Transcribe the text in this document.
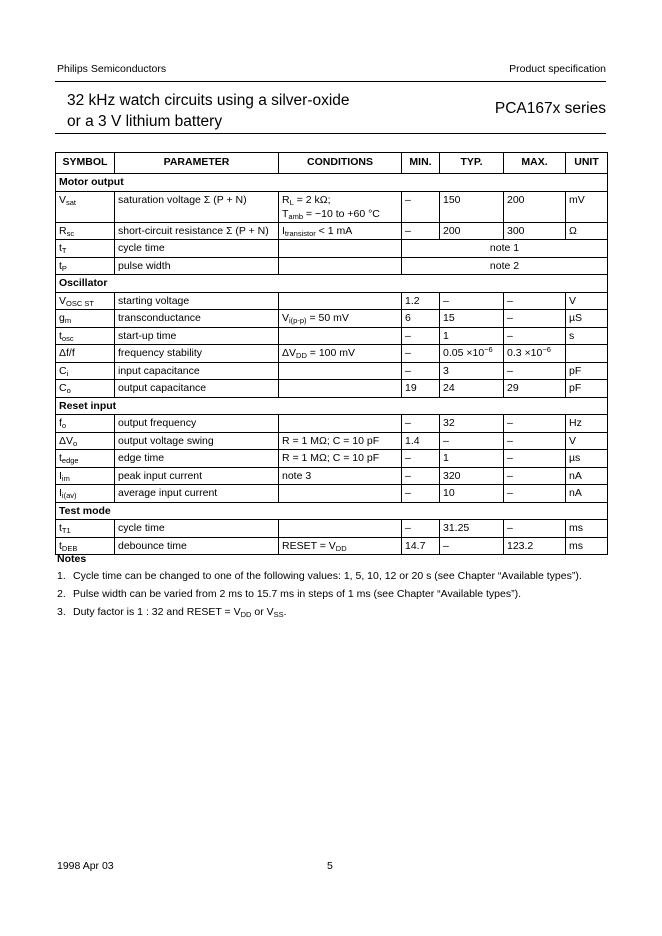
Philips Semiconductors	Product specification
32 kHz watch circuits using a silver-oxide
or a 3 V lithium battery
PCA167x series
SYMBOL	PARAMETER	CONDITIONS	MIN.	TYP.	MAX.	UNIT
Motor output						
$V_{sat}$	saturation voltage Σ (P + N)	$R_L = 2$ kΩ;
$T_{amb} = -10$ to +60 °C	–	150	200	mV
$R_{sc}$	short-circuit resistance Σ (P + N)	$I_{transistor} < 1$ mA	–	200	300	Ω
$t_T$	cycle time		note 1			
$t_P$	pulse width		note 2			
Oscillator						
$V_{OSC ST}$	starting voltage		1.2	–	–	V
$g_m$	transconductance	$V_{i(p-p)} = 50$ mV	6	15	–	µS
$t_{osc}$	start-up time		–	1	–	s
Δf/f	frequency stability	$\Delta V_{DD} = 100$ mV	–	$0.05 \times 10^{-6}$	$0.3 \times 10^{-6}$	
$C_i$	input capacitance		–	3	–	pF
$C_o$	output capacitance		19	24	29	pF
Reset input						
$f_o$	output frequency		–	32	–	Hz
$\Delta V_o$	output voltage swing	R = 1 MΩ; C = 10 pF	1.4	–	–	V
$t_{edge}$	edge time	R = 1 MΩ; C = 10 pF	–	1	–	µs
$I_{im}$	peak input current	note 3	–	320	–	nA
$I_{i(av)}$	average input current		–	10	–	nA
Test mode						
$t_{T1}$	cycle time		–	31.25	–	ms
$t_{DEB}$	debounce time	RESET = $V_{DD}$	14.7	–	123.2	ms
Notes
1. Cycle time can be changed to one of the following values: 1, 5, 10, 12 or 20 s (see Chapter “Available types”).
2. Pulse width can be varied from 2 ms to 15.7 ms in steps of 1 ms (see Chapter “Available types”).
3. Duty factor is 1 : 32 and RESET = $V_{DD}$ or $V_{SS}$.
1998 Apr 03	5
